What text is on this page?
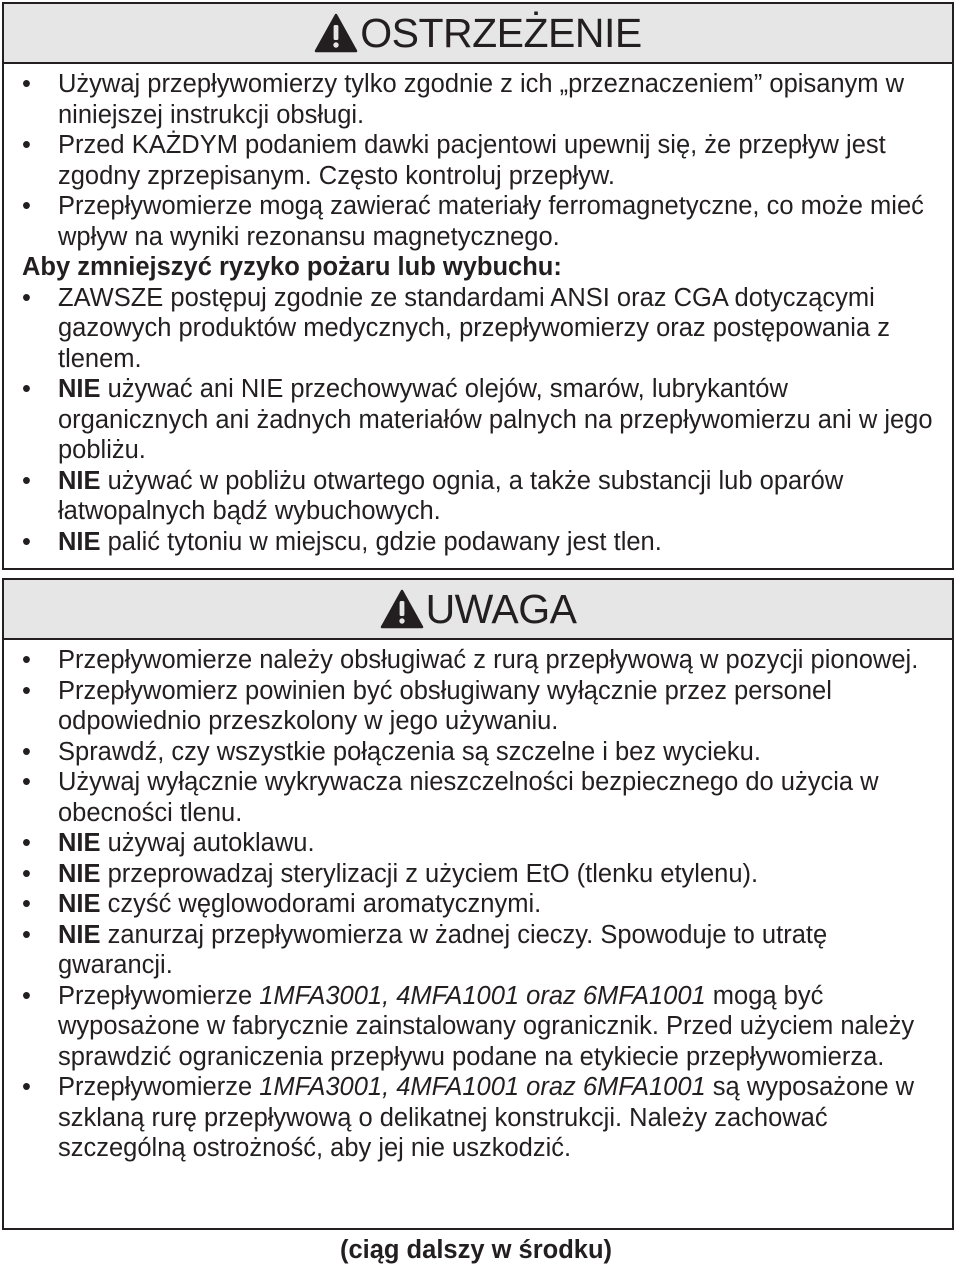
OSTRZEŻENIE
• Używaj przepływomierzy tylko zgodnie z ich „przeznaczeniem” opisanym w niniejszej instrukcji obsługi.
• Przed KAŻDYM podaniem dawki pacjentowi upewnij się, że przepływ jest zgodny zprzepisanym. Często kontroluj przepływ.
• Przepływomierze mogą zawierać materiały ferromagnetyczne, co może mieć wpływ na wyniki rezonansu magnetycznego.
Aby zmniejszyć ryzyko pożaru lub wybuchu:
• ZAWSZE postępuj zgodnie ze standardami ANSI oraz CGA dotyczącymi gazowych produktów medycznych, przepływomierzy oraz postępowania z tlenem.
• NIE używać ani NIE przechowywać olejów, smarów, lubrykantów organicznych ani żadnych materiałów palnych na przepływomierzu ani w jego pobliżu.
• NIE używać w pobliżu otwartego ognia, a także substancji lub oparów łatwopalnych bądź wybuchowych.
• NIE palić tytoniu w miejscu, gdzie podawany jest tlen.
UWAGA
• Przepływomierze należy obsługiwać z rurą przepływową w pozycji pionowej.
• Przepływomierz powinien być obsługiwany wyłącznie przez personel odpowiednio przeszkolony w jego używaniu.
• Sprawdź, czy wszystkie połączenia są szczelne i bez wycieku.
• Używaj wyłącznie wykrywacza nieszczelności bezpiecznego do użycia w obecności tlenu.
• NIE używaj autoklawu.
• NIE przeprowadzaj sterylizacji z użyciem EtO (tlenku etylenu).
• NIE czyść węglowodorami aromatycznymi.
• NIE zanurzaj przepływomierza w żadnej cieczy. Spowoduje to utratę gwarancji.
• Przepływomierze 1MFA3001, 4MFA1001 oraz 6MFA1001 mogą być wyposażone w fabrycznie zainstalowany ogranicznik. Przed użyciem należy sprawdzić ograniczenia przepływu podane na etykiecie przepływomierza.
• Przepływomierze 1MFA3001, 4MFA1001 oraz 6MFA1001 są wyposażone w szklaną rurę przepływową o delikatnej konstrukcji. Należy zachować szczególną ostrożność, aby jej nie uszkodzić.
(ciąg dalszy w środku)
